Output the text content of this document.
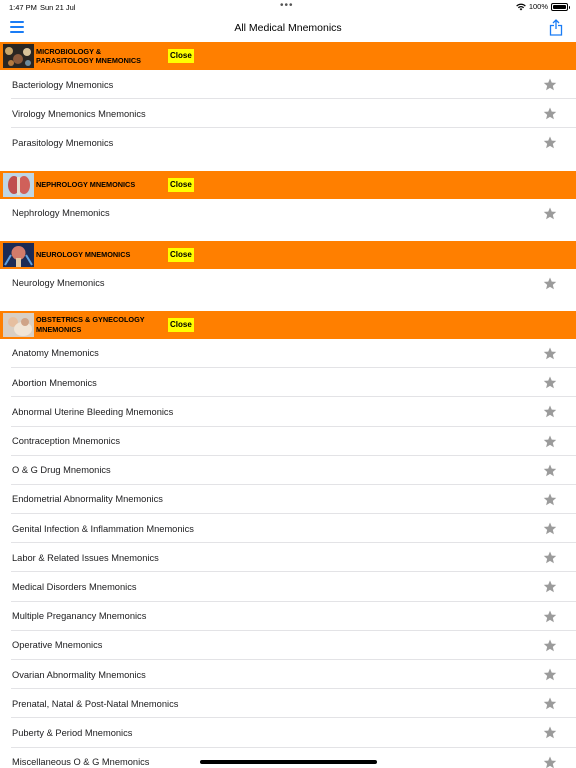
1:47 PM Sun 21 Jul	•••	100%
All Medical Mnemonics
MICROBIOLOGY & PARASITOLOGY MNEMONICS
Close
Bacteriology Mnemonics
Virology Mnemonics Mnemonics
Parasitology Mnemonics
NEPHROLOGY MNEMONICS	Close
Nephrology Mnemonics
NEUROLOGY MNEMONICS	Close
Neurology Mnemonics
OBSTETRICS & GYNECOLOGY MNEMONICS
Close
Anatomy Mnemonics
Abortion Mnemonics
Abnormal Uterine Bleeding Mnemonics
Contraception Mnemonics
O & G Drug Mnemonics
Endometrial Abnormality Mnemonics
Genital Infection & Inflammation Mnemonics
Labor & Related Issues Mnemonics
Medical Disorders Mnemonics
Multiple Preganancy Mnemonics
Operative Mnemonics
Ovarian Abnormality Mnemonics
Prenatal, Natal & Post-Natal Mnemonics
Puberty & Period Mnemonics
Miscellaneous O & G Mnemonics
